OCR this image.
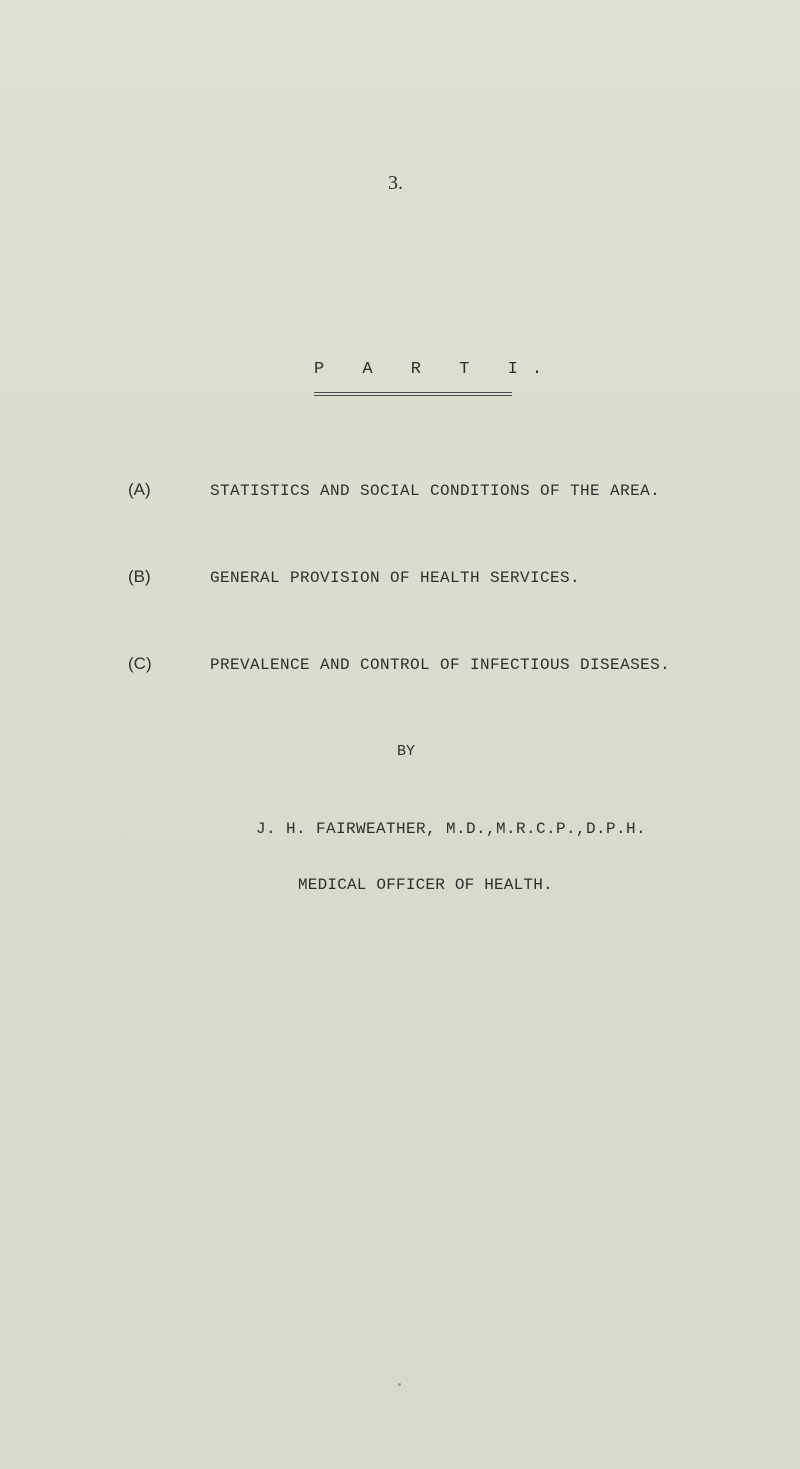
3.
P A R T I.
(A)	STATISTICS AND SOCIAL CONDITIONS OF THE AREA.
(B)	GENERAL PROVISION OF HEALTH SERVICES.
(C)	PREVALENCE AND CONTROL OF INFECTIOUS DISEASES.
BY
J. H. FAIRWEATHER, M.D.,M.R.C.P.,D.P.H.
MEDICAL OFFICER OF HEALTH.
